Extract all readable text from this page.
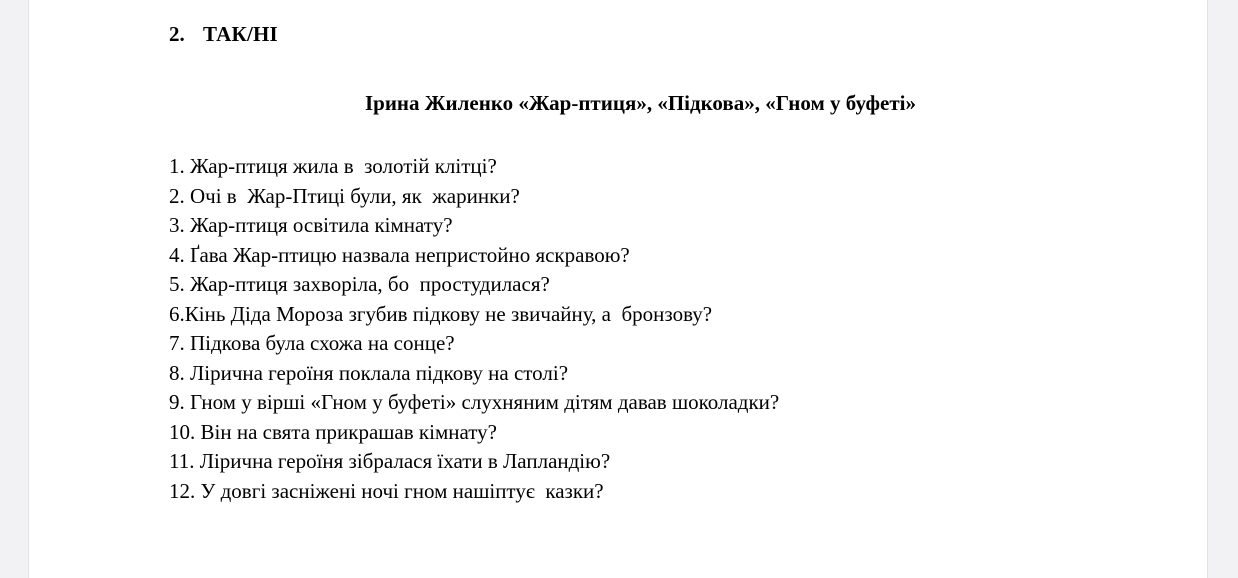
2. ТАК/НІ
Ірина Жиленко «Жар-птиця», «Підкова», «Гном у буфеті»
1. Жар-птиця жила в  золотій клітці?
2. Очі в  Жар-Птиці були, як  жаринки?
3. Жар-птиця освітила кімнату?
4. Ґава Жар-птицю назвала непристойно яскравою?
5. Жар-птиця захворіла, бо  простудилася?
6.Кінь Діда Мороза згубив підкову не звичайну, а  бронзову?
7. Підкова була схожа на сонце?
8. Лірична героїня поклала підкову на столі?
9. Гном у вірші «Гном у буфеті» слухняним дітям давав шоколадки?
10. Він на свята прикрашав кімнату?
11. Лірична героїня зібралася їхати в Лапландію?
12. У довгі засніжені ночі гном нашіптує  казки?
